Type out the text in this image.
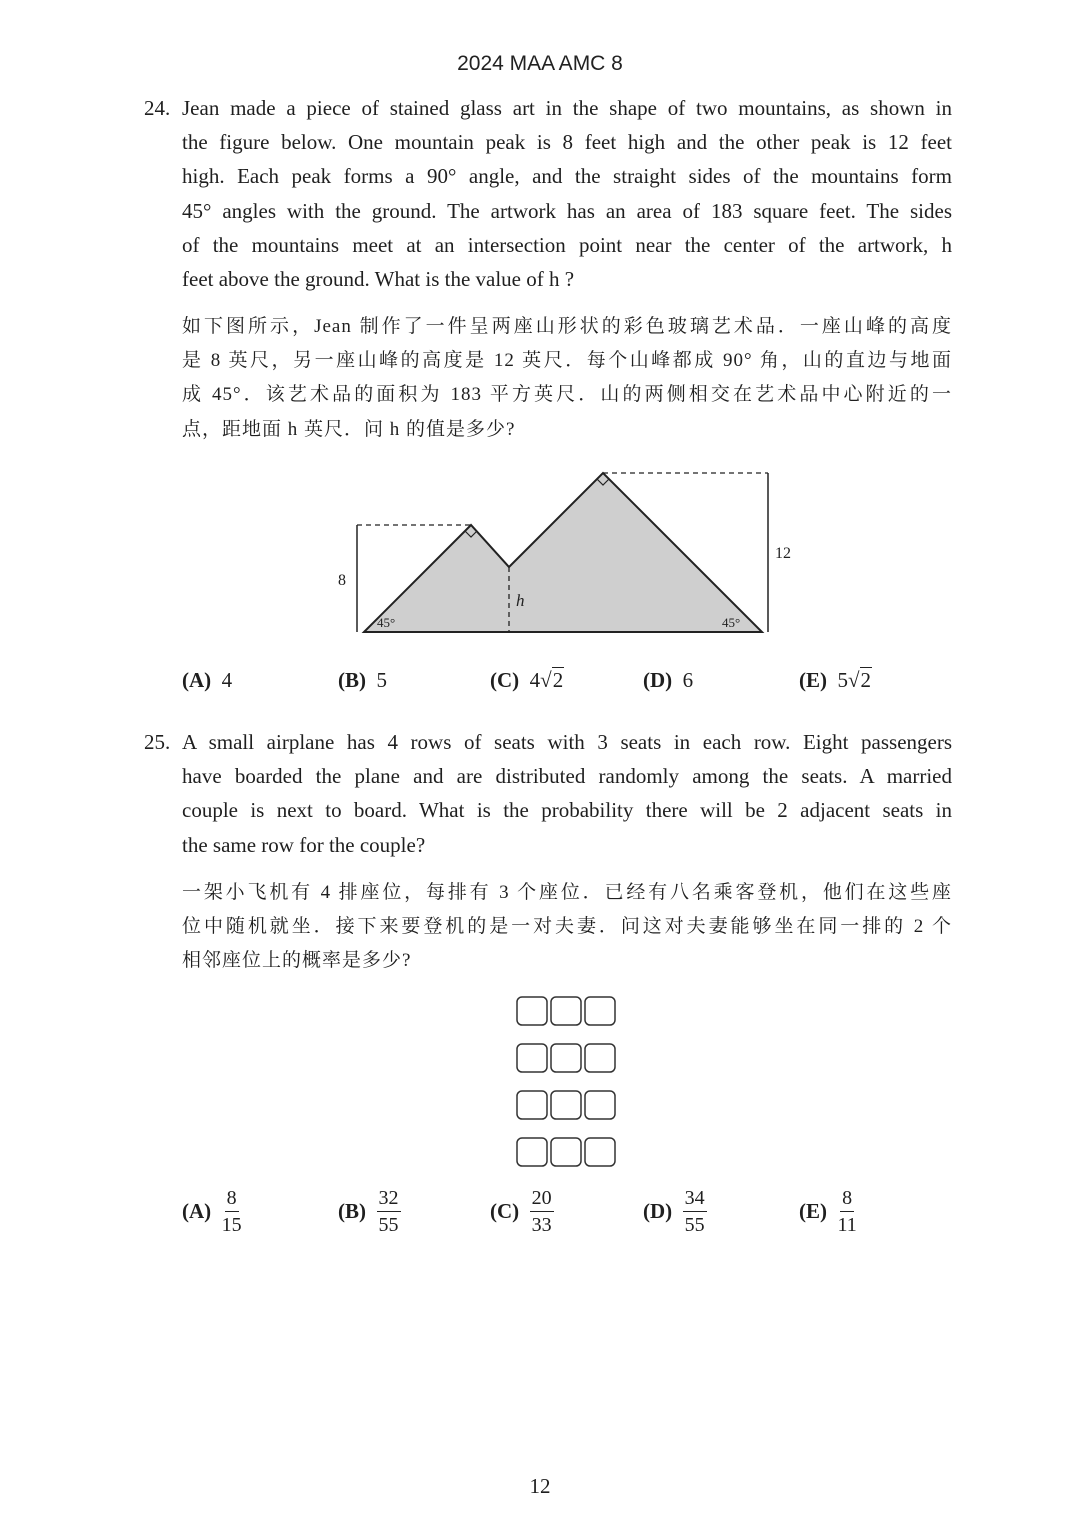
2024 MAA AMC 8
24. Jean made a piece of stained glass art in the shape of two mountains, as shown in
the figure below. One mountain peak is 8 feet high and the other peak is 12 feet
high. Each peak forms a 90° angle, and the straight sides of the mountains form
45° angles with the ground. The artwork has an area of 183 square feet. The sides
of the mountains meet at an intersection point near the center of the artwork, h
feet above the ground. What is the value of h ?
如下图所示，Jean 制作了一件呈两座山形状的彩色玻璃艺术品．一座山峰的高度
是 8 英尺，另一座山峰的高度是 12 英尺．每个山峰都成 90° 角，山的直边与地面
成 45°．该艺术品的面积为 183 平方英尺．山的两侧相交在艺术品中心附近的一
点，距地面 h 英尺．问 h 的值是多少?
8
12
h
45°	45°
(A) 4	(B) 5	(C) 4√2	(D) 6	(E) 5√2
25. A small airplane has 4 rows of seats with 3 seats in each row. Eight passengers
have boarded the plane and are distributed randomly among the seats. A married
couple is next to board. What is the probability there will be 2 adjacent seats in
the same row for the couple?
一架小飞机有 4 排座位，每排有 3 个座位．已经有八名乘客登机，他们在这些座
位中随机就坐．接下来要登机的是一对夫妻．问这对夫妻能够坐在同一排的 2 个
相邻座位上的概率是多少?
(A)
$\frac{8}{15}$	(B)
$\frac{32}{55}$	(C)
$\frac{20}{33}$	(D)
$\frac{34}{55}$	(E)
$\frac{8}{11}$
12
